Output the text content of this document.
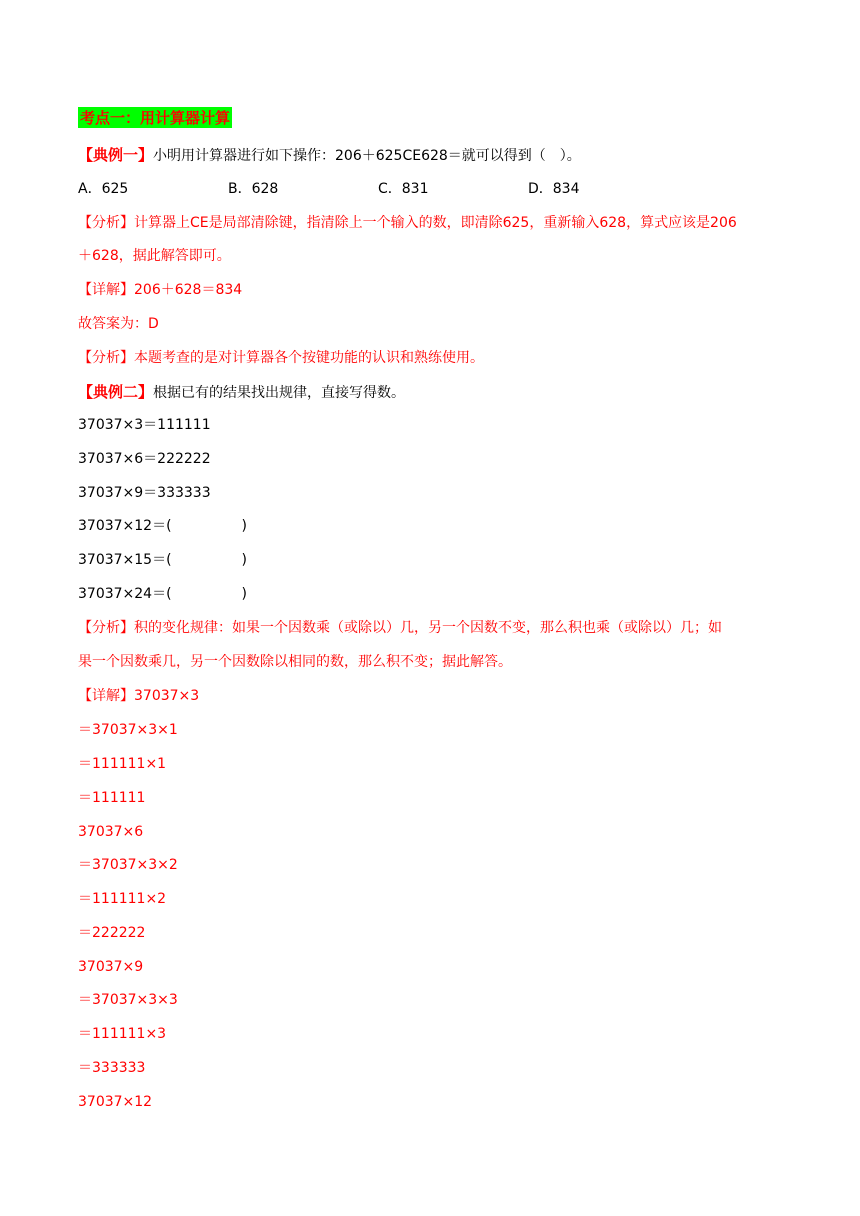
考点一：用计算器计算
【典例一】小明用计算器进行如下操作：206＋625CE628＝就可以得到（　）。
A．625	B．628	C．831	D．834
【分析】计算器上CE是局部清除键，指清除上一个输入的数，即清除625，重新输入628，算式应该是206
＋628，据此解答即可。
【详解】206＋628＝834
故答案为：D
【分析】本题考查的是对计算器各个按键功能的认识和熟练使用。
【典例二】根据已有的结果找出规律，直接写得数。
37037×3＝111111
37037×6＝222222
37037×9＝333333
37037×12＝(　　　　　)
37037×15＝(　　　　　)
37037×24＝(　　　　　)
【分析】积的变化规律：如果一个因数乘（或除以）几，另一个因数不变，那么积也乘（或除以）几；如
果一个因数乘几，另一个因数除以相同的数，那么积不变；据此解答。
【详解】37037×3
＝37037×3×1
＝111111×1
＝111111
37037×6
＝37037×3×2
＝111111×2
＝222222
37037×9
＝37037×3×3
＝111111×3
＝333333
37037×12
